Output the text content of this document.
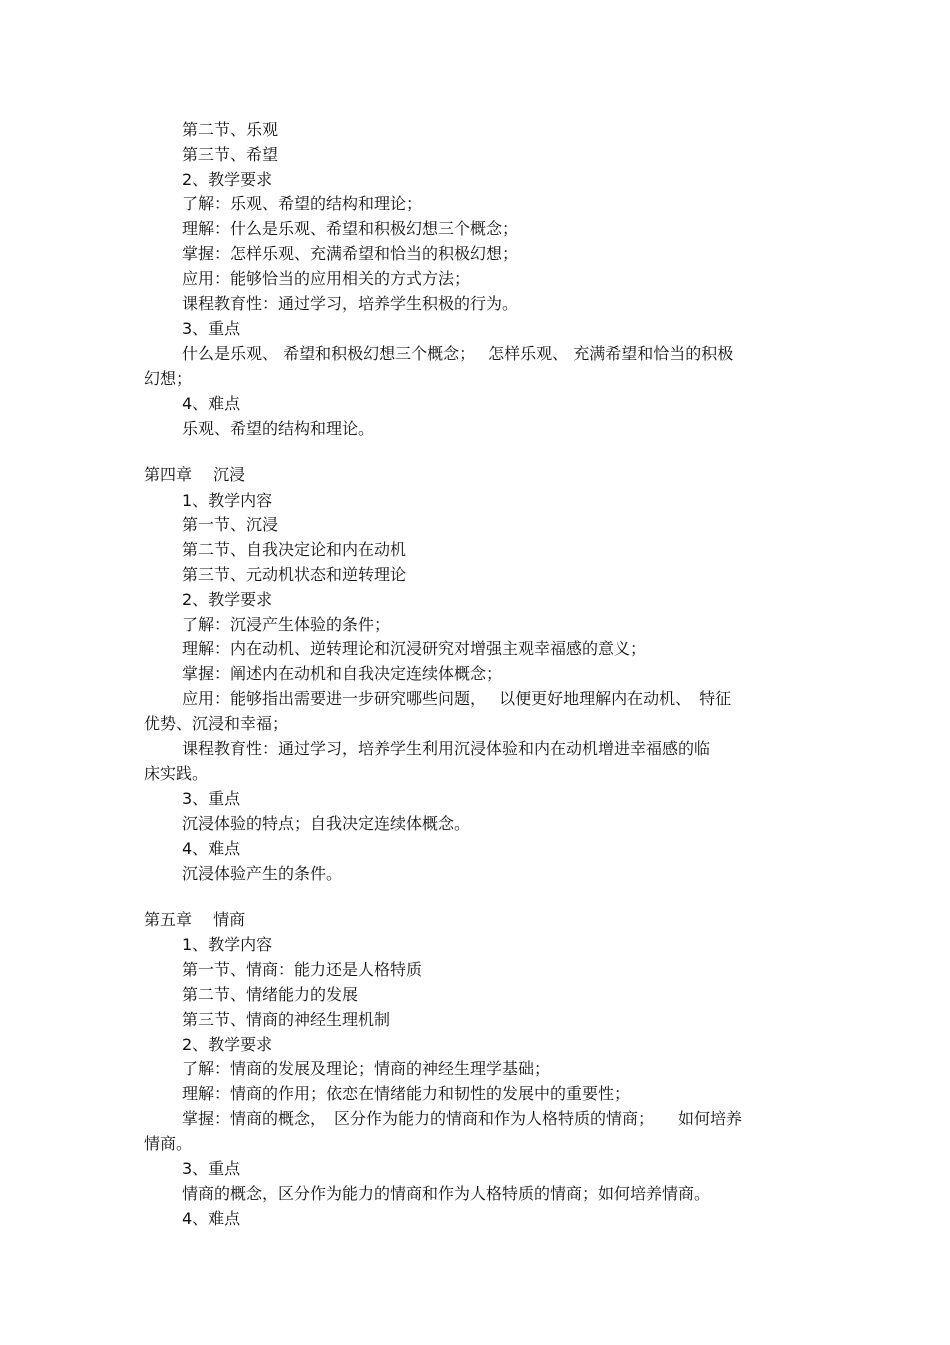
第二节、乐观
第三节、希望
2、教学要求
了解：乐观、希望的结构和理论；
理解：什么是乐观、希望和积极幻想三个概念；
掌握：怎样乐观、充满希望和恰当的积极幻想；
应用：能够恰当的应用相关的方式方法；
课程教育性：通过学习，培养学生积极的行为。
3、重点
什么是乐观、 希望和积极幻想三个概念；　 怎样乐观、 充满希望和恰当的积极
幻想；
4、难点
乐观、希望的结构和理论。
第四章　 沉浸
1、教学内容
第一节、沉浸
第二节、自我决定论和内在动机
第三节、元动机状态和逆转理论
2、教学要求
了解：沉浸产生体验的条件；
理解：内在动机、逆转理论和沉浸研究对增强主观幸福感的意义；
掌握：阐述内在动机和自我决定连续体概念；
应用：能够指出需要进一步研究哪些问题，　 以便更好地理解内在动机、　特征
优势、沉浸和幸福；
课程教育性：通过学习，培养学生利用沉浸体验和内在动机增进幸福感的临
床实践。
3、重点
沉浸体验的特点；自我决定连续体概念。
4、难点
沉浸体验产生的条件。
第五章　 情商
1、教学内容
第一节、情商：能力还是人格特质
第二节、情绪能力的发展
第三节、情商的神经生理机制
2、教学要求
了解：情商的发展及理论；情商的神经生理学基础；
理解：情商的作用；依恋在情绪能力和韧性的发展中的重要性；
掌握：情商的概念，　区分作为能力的情商和作为人格特质的情商；　　如何培养
情商。
3、重点
情商的概念，区分作为能力的情商和作为人格特质的情商；如何培养情商。
4、难点
